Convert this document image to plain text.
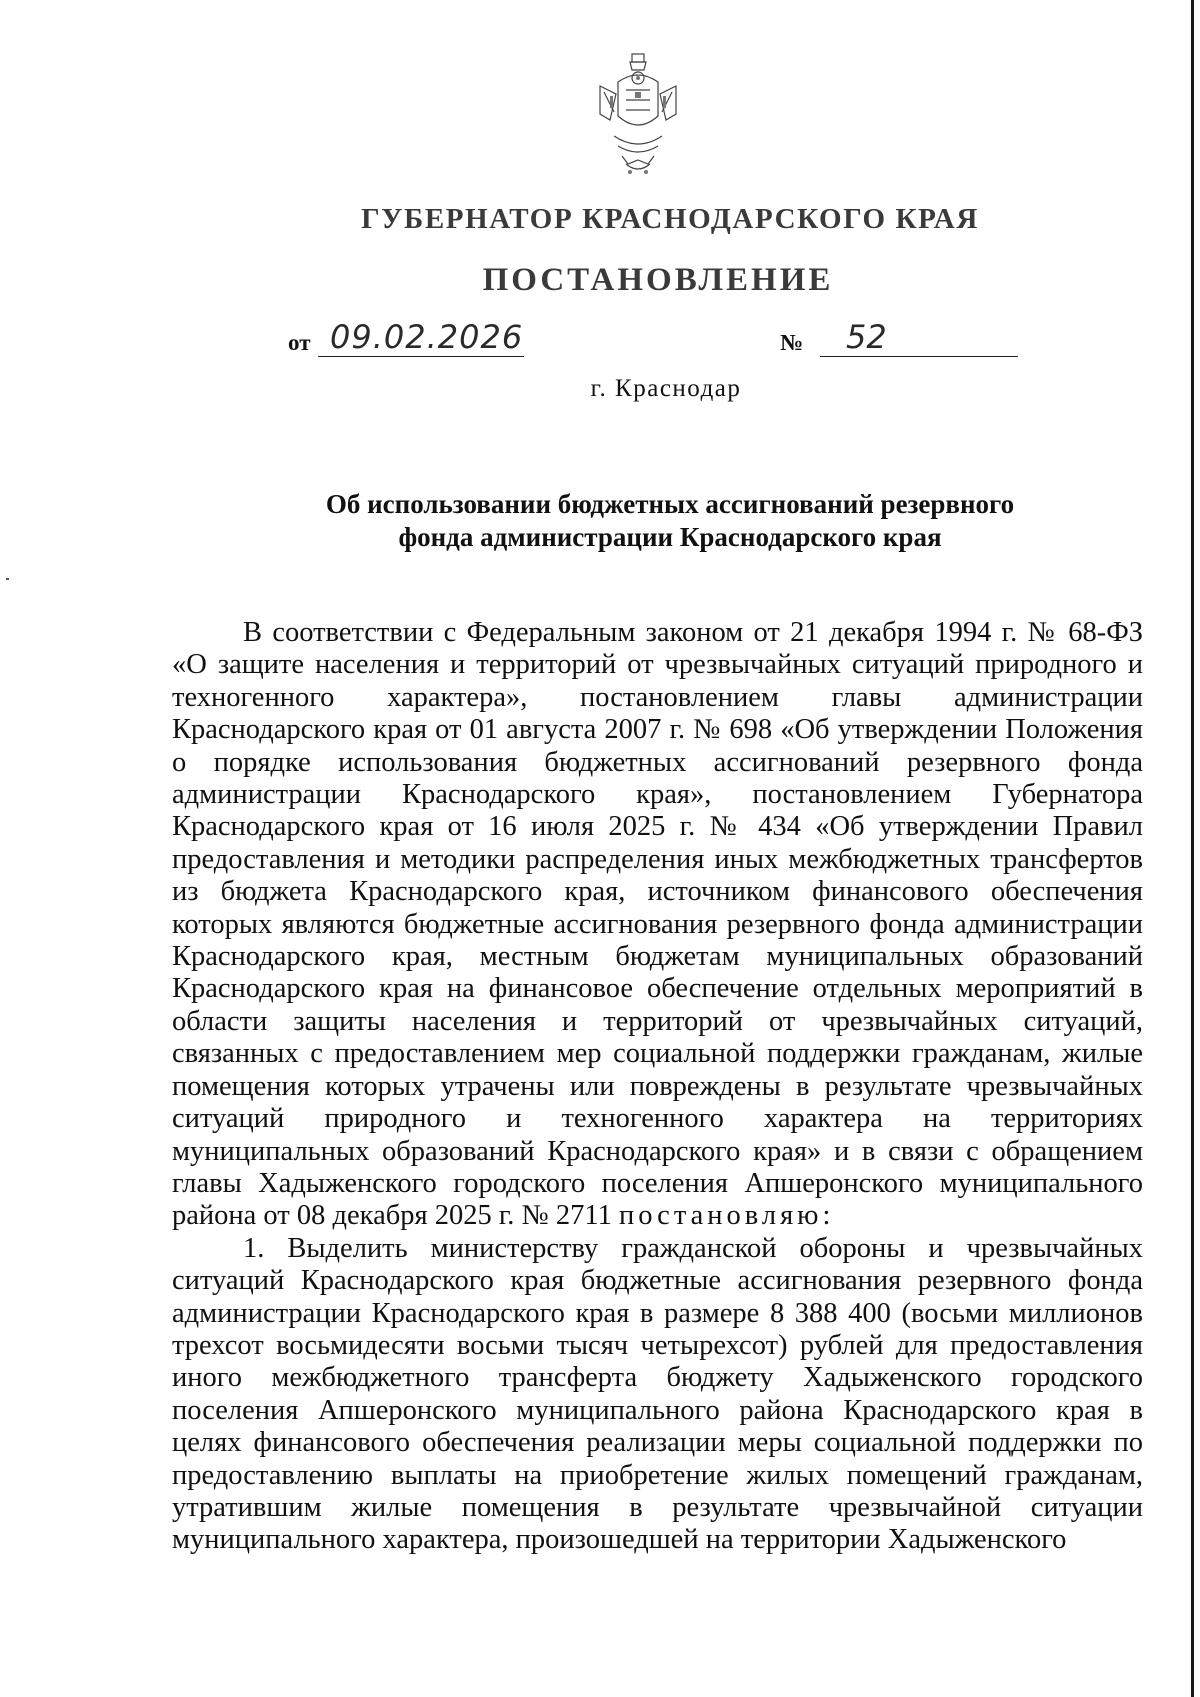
ГУБЕРНАТОР КРАСНОДАРСКОГО КРАЯ
ПОСТАНОВЛЕНИЕ
от 09.02.2026	№ 52
г. Краснодар
Об использовании бюджетных ассигнований резервного
фонда администрации Краснодарского края

В соответствии с Федеральным законом от 21 декабря 1994 г. № 68-ФЗ «О защите населения и территорий от чрезвычайных ситуаций природного и техногенного характера», постановлением главы администрации Краснодарского края от 01 августа 2007 г. № 698 «Об утверждении Положения о порядке использования бюджетных ассигнований резервного фонда администрации Краснодарского края», постановлением Губернатора Краснодарского края от 16 июля 2025 г. № 434 «Об утверждении Правил предоставления и методики распределения иных межбюджетных трансфертов из бюджета Краснодарского края, источником финансового обеспечения которых являются бюджетные ассигнования резервного фонда администрации Краснодарского края, местным бюджетам муниципальных образований Краснодарского края на финансовое обеспечение отдельных мероприятий в области защиты населения и территорий от чрезвычайных ситуаций, связанных с предоставлением мер социальной поддержки гражданам, жилые помещения которых утрачены или повреждены в результате чрезвычайных ситуаций природного и техногенного характера на территориях муниципальных образований Краснодарского края» и в связи с обращением главы Хадыженского городского поселения Апшеронского муниципального района от 08 декабря 2025 г. № 2711 постановляю:

1. Выделить министерству гражданской обороны и чрезвычайных ситуаций Краснодарского края бюджетные ассигнования резервного фонда администрации Краснодарского края в размере 8 388 400 (восьми миллионов трехсот восьмидесяти восьми тысяч четырехсот) рублей для предоставления иного межбюджетного трансферта бюджету Хадыженского городского поселения Апшеронского муниципального района Краснодарского края в целях финансового обеспечения реализации меры социальной поддержки по предоставлению выплаты на приобретение жилых помещений гражданам, утратившим жилые помещения в результате чрезвычайной ситуации муниципального характера, произошедшей на территории Хадыженского
